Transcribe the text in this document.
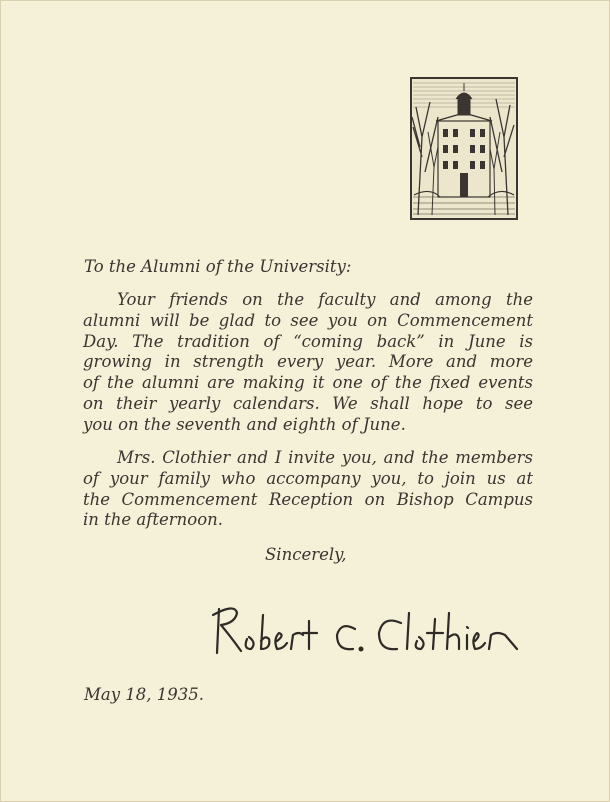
To the Alumni of the University:
Your friends on the faculty and among the
alumni will be glad to see you on Commencement
Day. The tradition of “coming back” in June is
growing in strength every year. More and more
of the alumni are making it one of the fixed events
on their yearly calendars. We shall hope to see
you on the seventh and eighth of June.
Mrs. Clothier and I invite you, and the members
of your family who accompany you, to join us at
the Commencement Reception on Bishop Campus
in the afternoon.
Sincerely,
May 18, 1935.
